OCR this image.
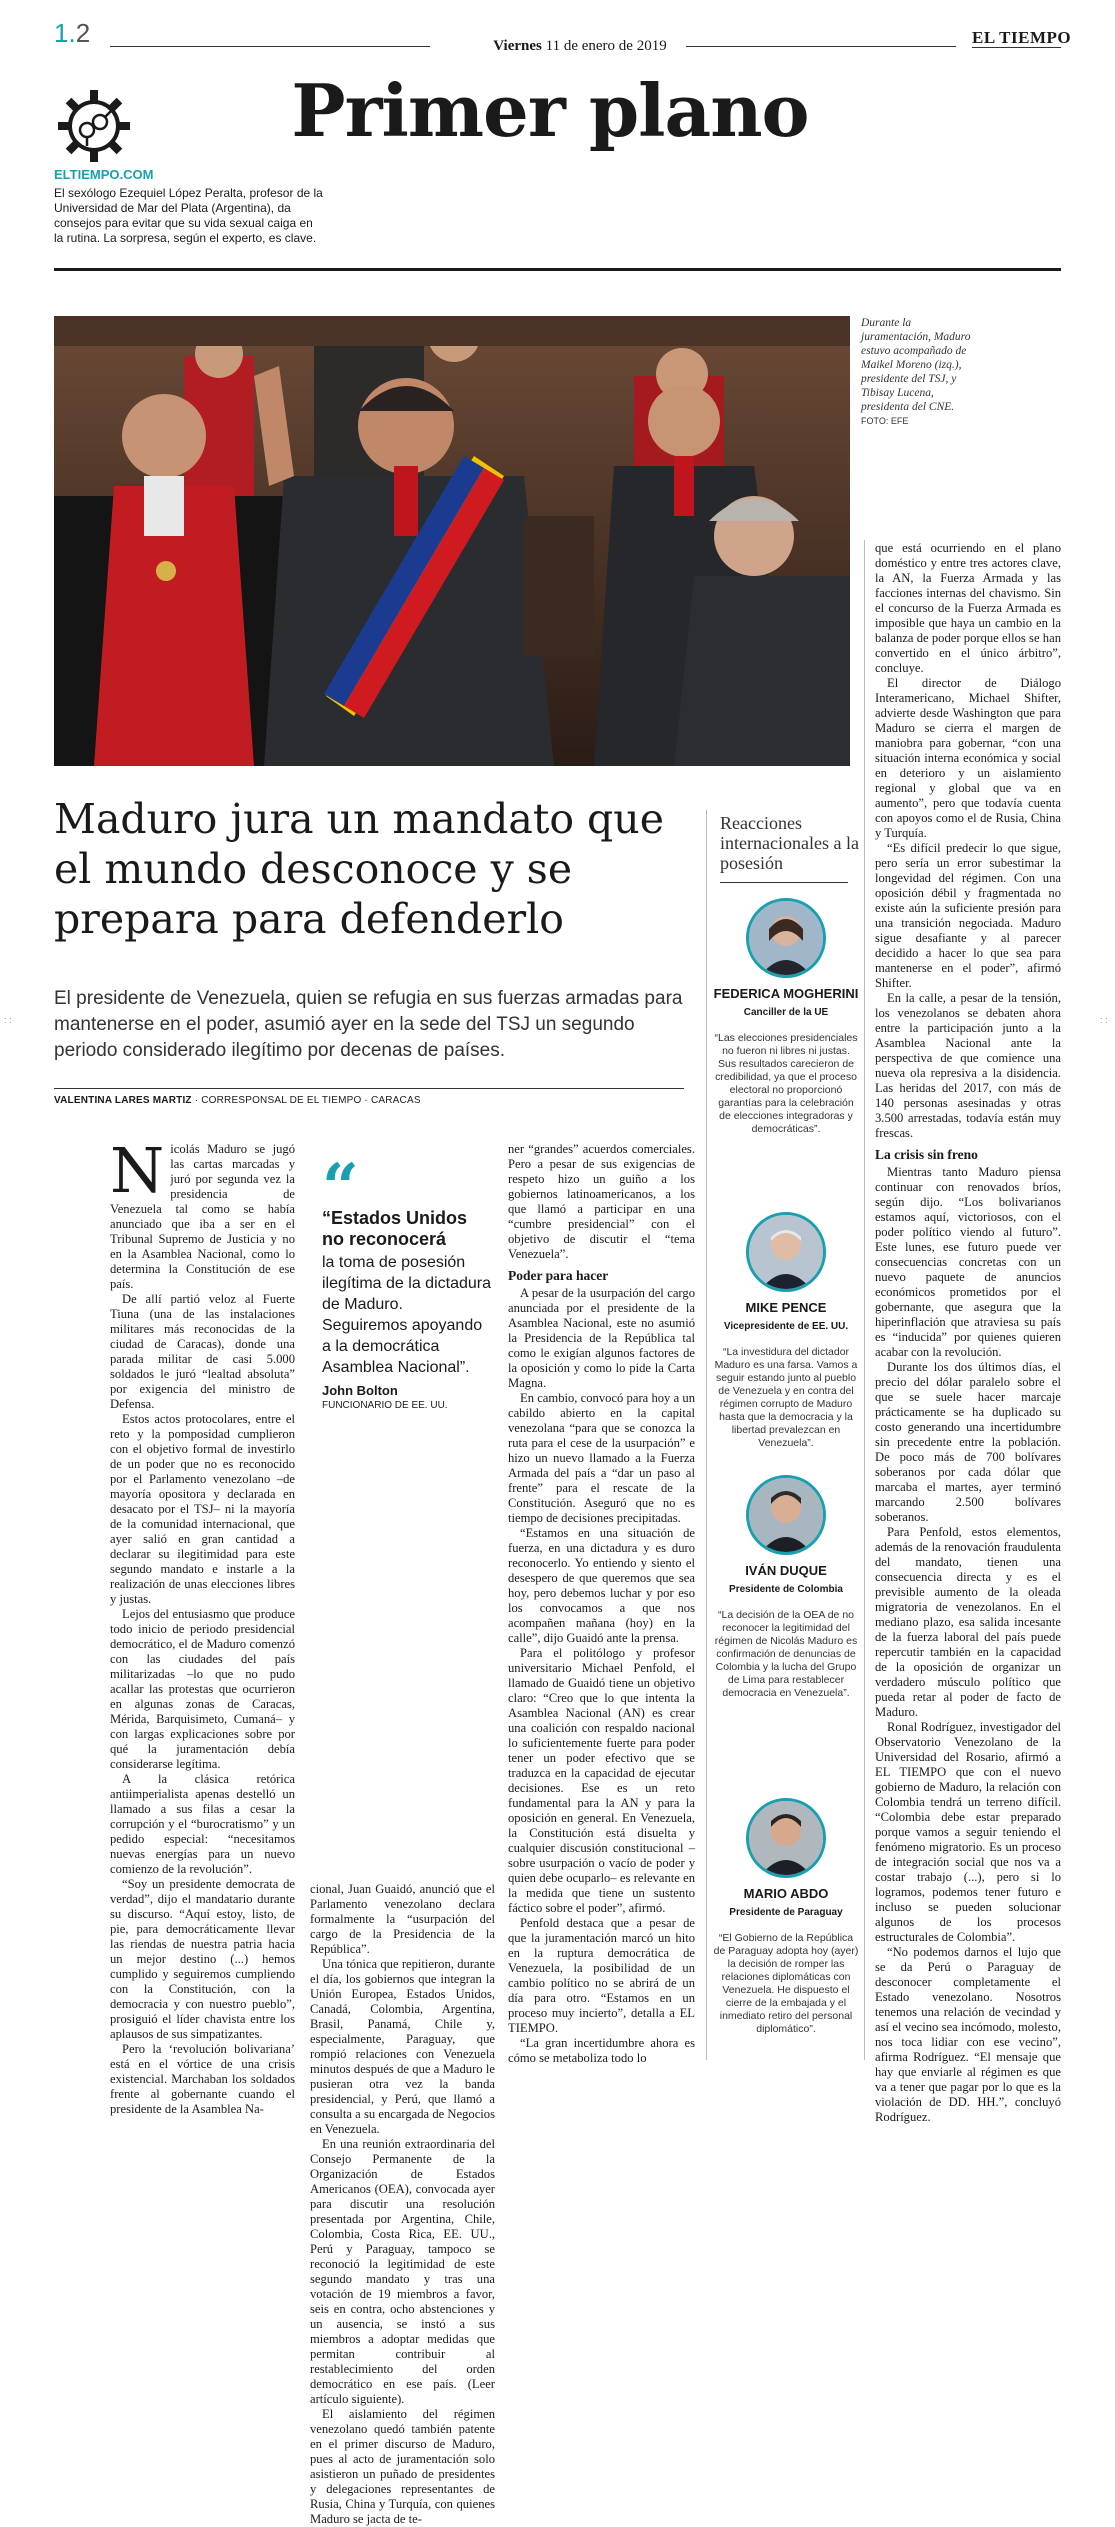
1.2	Viernes 11 de enero de 2019	EL TIEMPO
Primer plano
ELTIEMPO.COM
El sexólogo Ezequiel López Peralta, profesor de la Universidad de Mar del Plata (Argentina), da consejos para evitar que su vida sexual caiga en la rutina. La sorpresa, según el experto, es clave.
Durante la juramentación, Maduro estuvo acompañado de Maikel Moreno (izq.), presidente del TSJ, y Tibisay Lucena, presidenta del CNE. FOTO: EFE
Maduro jura un mandato que el mundo desconoce y se prepara para defenderlo
El presidente de Venezuela, quien se refugia en sus fuerzas armadas para mantenerse en el poder, asumió ayer en la sede del TSJ un segundo periodo considerado ilegítimo por decenas de países.
VALENTINA LARES MARTIZ · CORRESPONSAL DE EL TIEMPO · CARACAS
: :	: :
Reacciones internacionales a la posesión
FEDERICA MOGHERINI
Canciller de la UE
“Las elecciones presidenciales no fueron ni libres ni justas. Sus resultados carecieron de credibilidad, ya que el proceso electoral no proporcionó garantías para la celebración de elecciones integradoras y democráticas”.
MIKE PENCE
Vicepresidente de EE. UU.
“La investidura del dictador Maduro es una farsa. Vamos a seguir estando junto al pueblo de Venezuela y en contra del régimen corrupto de Maduro hasta que la democracia y la libertad prevalezcan en Venezuela”.
IVÁN DUQUE
Presidente de Colombia
“La decisión de la OEA de no reconocer la legitimidad del régimen de Nicolás Maduro es confirmación de denuncias de Colombia y la lucha del Grupo de Lima para restablecer democracia en Venezuela”.
MARIO ABDO
Presidente de Paraguay
“El Gobierno de la República de Paraguay adopta hoy (ayer) la decisión de romper las relaciones diplomáticas con Venezuela. He dispuesto el cierre de la embajada y el inmediato retiro del personal diplomático”.
“
“Estados Unidos no reconocerá
la toma de posesión ilegítima de la dictadura de Maduro. Seguiremos apoyando a la democrática Asamblea Nacional”.
John Bolton
FUNCIONARIO DE EE. UU.
N icolás Maduro se jugó las cartas marcadas y juró por segunda vez la presidencia de Venezuela tal como se había anunciado que iba a ser en el Tribunal Supremo de Justicia y no en la Asamblea Nacional, como lo determina la Constitución de ese país.

De allí partió veloz al Fuerte Tiuna (una de las instalaciones militares más reconocidas de la ciudad de Caracas), donde una parada militar de casi 5.000 soldados le juró “lealtad absoluta” por exigencia del ministro de Defensa.

Estos actos protocolares, entre el reto y la pomposidad cumplieron con el objetivo formal de investirlo de un poder que no es reconocido por el Parlamento venezolano –de mayoría opositora y declarada en desacato por el TSJ– ni la mayoría de la comunidad internacional, que ayer salió en gran cantidad a declarar su ilegitimidad para este segundo mandato e instarle a la realización de unas elecciones libres y justas.

Lejos del entusiasmo que produce todo inicio de periodo presidencial democrático, el de Maduro comenzó con las ciudades del país militarizadas –lo que no pudo acallar las protestas que ocurrieron en algunas zonas de Caracas, Mérida, Barquisimeto, Cumaná– y con largas explicaciones sobre por qué la juramentación debía considerarse legítima.

A la clásica retórica antiimperialista apenas destelló un llamado a sus filas a cesar la corrupción y el “burocratismo” y un pedido especial: “necesitamos nuevas energías para un nuevo comienzo de la revolución”.

“Soy un presidente democrata de verdad”, dijo el mandatario durante su discurso. “Aquí estoy, listo, de pie, para democráticamente llevar las riendas de nuestra patria hacia un mejor destino (...) hemos cumplido y seguiremos cumpliendo con la Constitución, con la democracia y con nuestro pueblo”, prosiguió el líder chavista entre los aplausos de sus simpatizantes.

Pero la ‘revolución bolivariana’ está en el vórtice de una crisis existencial. Marchaban los soldados frente al gobernante cuando el presidente de la Asamblea Na-

cional, Juan Guaidó, anunció que el Parlamento venezolano declara formalmente la “usurpación del cargo de la Presidencia de la República”.

Una tónica que repitieron, durante el día, los gobiernos que integran la Unión Europea, Estados Unidos, Canadá, Colombia, Argentina, Brasil, Panamá, Chile y, especialmente, Paraguay, que rompió relaciones con Venezuela minutos después de que a Maduro le pusieran otra vez la banda presidencial, y Perú, que llamó a consulta a su encargada de Negocios en Venezuela.

En una reunión extraordinaria del Consejo Permanente de la Organización de Estados Americanos (OEA), convocada ayer para discutir una resolución presentada por Argentina, Chile, Colombia, Costa Rica, EE. UU., Perú y Paraguay, tampoco se reconoció la legitimidad de este segundo mandato y tras una votación de 19 miembros a favor, seis en contra, ocho abstenciones y un ausencia, se instó a sus miembros a adoptar medidas que permitan contribuir al restablecimiento del orden democrático en ese país. (Leer artículo siguiente).

El aislamiento del régimen venezolano quedó también patente en el primer discurso de Maduro, pues al acto de juramentación solo asistieron un puñado de presidentes y delegaciones representantes de Rusia, China y Turquía, con quienes Maduro se jacta de te-

ner “grandes” acuerdos comerciales. Pero a pesar de sus exigencias de respeto hizo un guiño a los gobiernos latinoamericanos, a los que llamó a participar en una “cumbre presidencial” con el objetivo de discutir el “tema Venezuela”.

Poder para hacer

A pesar de la usurpación del cargo anunciada por el presidente de la Asamblea Nacional, este no asumió la Presidencia de la República tal como le exigían algunos factores de la oposición y como lo pide la Carta Magna.

En cambio, convocó para hoy a un cabildo abierto en la capital venezolana “para que se conozca la ruta para el cese de la usurpación” e hizo un nuevo llamado a la Fuerza Armada del país a “dar un paso al frente” para el rescate de la Constitución. Aseguró que no es tiempo de decisiones precipitadas.

“Estamos en una situación de fuerza, en una dictadura y es duro reconocerlo. Yo entiendo y siento el desespero de que queremos que sea hoy, pero debemos luchar y por eso los convocamos a que nos acompañen mañana (hoy) en la calle”, dijo Guaidó ante la prensa.

Para el politólogo y profesor universitario Michael Penfold, el llamado de Guaidó tiene un objetivo claro: “Creo que lo que intenta la Asamblea Nacional (AN) es crear una coalición con respaldo nacional lo suficientemente fuerte para poder tener un poder efectivo que se traduzca en la capacidad de ejecutar decisiones. Ese es un reto fundamental para la AN y para la oposición en general. En Venezuela, la Constitución está disuelta y cualquier discusión constitucional –sobre usurpación o vacío de poder y quien debe ocuparlo– es relevante en la medida que tiene un sustento fáctico sobre el poder”, afirmó.

Penfold destaca que a pesar de que la juramentación marcó un hito en la ruptura democrática de Venezuela, la posibilidad de un cambio político no se abrirá de un día para otro. “Estamos en un proceso muy incierto”, detalla a EL TIEMPO.

“La gran incertidumbre ahora es cómo se metaboliza todo lo

que está ocurriendo en el plano doméstico y entre tres actores clave, la AN, la Fuerza Armada y las facciones internas del chavismo. Sin el concurso de la Fuerza Armada es imposible que haya un cambio en la balanza de poder porque ellos se han convertido en el único árbitro”, concluye.

El director de Diálogo Interamericano, Michael Shifter, advierte desde Washington que para Maduro se cierra el margen de maniobra para gobernar, “con una situación interna económica y social en deterioro y un aislamiento regional y global que va en aumento”, pero que todavía cuenta con apoyos como el de Rusia, China y Turquía.

“Es difícil predecir lo que sigue, pero sería un error subestimar la longevidad del régimen. Con una oposición débil y fragmentada no existe aún la suficiente presión para una transición negociada. Maduro sigue desafiante y al parecer decidido a hacer lo que sea para mantenerse en el poder”, afirmó Shifter.

En la calle, a pesar de la tensión, los venezolanos se debaten ahora entre la participación junto a la Asamblea Nacional ante la perspectiva de que comience una nueva ola represiva a la disidencia. Las heridas del 2017, con más de 140 personas asesinadas y otras 3.500 arrestadas, todavía están muy frescas.

La crisis sin freno

Mientras tanto Maduro piensa continuar con renovados bríos, según dijo. “Los bolivarianos estamos aquí, victoriosos, con el poder político viendo al futuro”. Este lunes, ese futuro puede ver consecuencias concretas con un nuevo paquete de anuncios económicos prometidos por el gobernante, que asegura que la hiperinflación que atraviesa su país es “inducida” por quienes quieren acabar con la revolución.

Durante los dos últimos días, el precio del dólar paralelo sobre el que se suele hacer marcaje prácticamente se ha duplicado su costo generando una incertidumbre sin precedente entre la población. De poco más de 700 bolívares soberanos por cada dólar que marcaba el martes, ayer terminó marcando 2.500 bolívares soberanos.

Para Penfold, estos elementos, además de la renovación fraudulenta del mandato, tienen una consecuencia directa y es el previsible aumento de la oleada migratoria de venezolanos. En el mediano plazo, esa salida incesante de la fuerza laboral del país puede repercutir también en la capacidad de la oposición de organizar un verdadero músculo político que pueda retar al poder de facto de Maduro.

Ronal Rodríguez, investigador del Observatorio Venezolano de la Universidad del Rosario, afirmó a EL TIEMPO que con el nuevo gobierno de Maduro, la relación con Colombia tendrá un terreno difícil. “Colombia debe estar preparado porque vamos a seguir teniendo el fenómeno migratorio. Es un proceso de integración social que nos va a costar trabajo (...), pero si lo logramos, podemos tener futuro e incluso se pueden solucionar algunos de los procesos estructurales de Colombia”.

“No podemos darnos el lujo que se da Perú o Paraguay de desconocer completamente el Estado venezolano. Nosotros tenemos una relación de vecindad y así el vecino sea incómodo, molesto, nos toca lidiar con ese vecino”, afirma Rodríguez. “El mensaje que hay que enviarle al régimen es que va a tener que pagar por lo que es la violación de DD. HH.”, concluyó Rodríguez.
